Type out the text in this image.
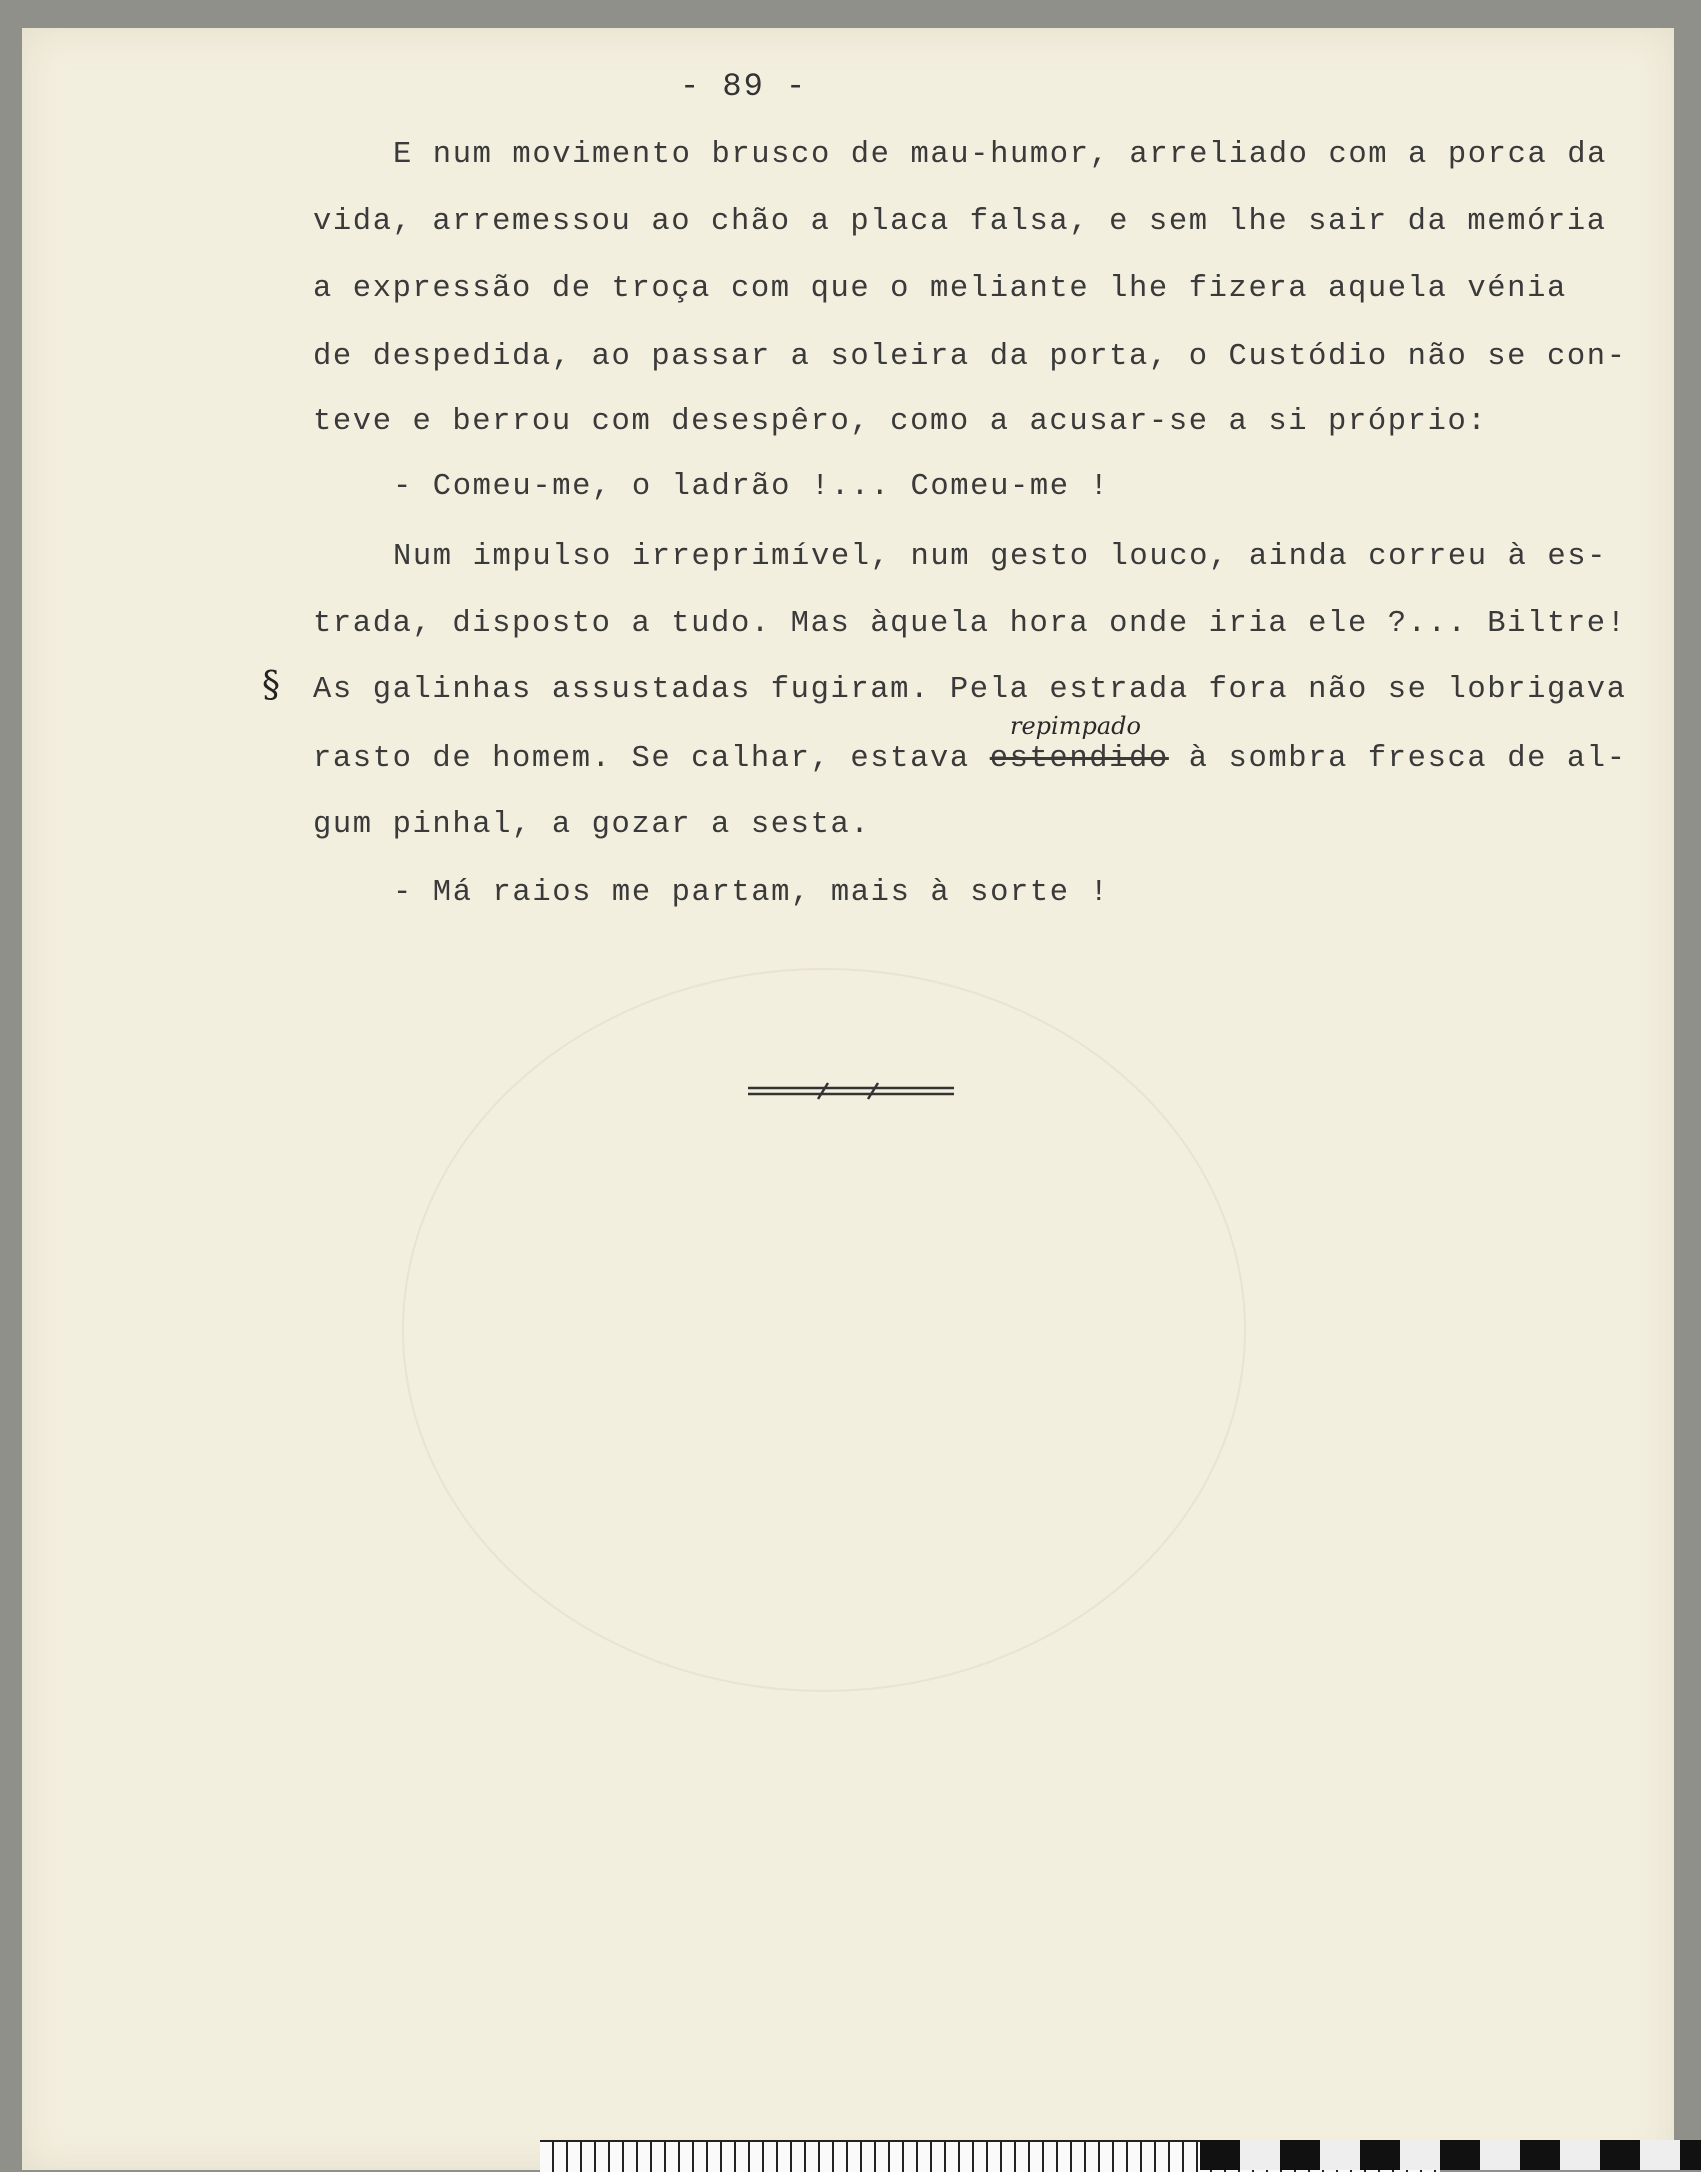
- 89 -
E num movimento brusco de mau-humor, arreliado com a porca da
vida, arremessou ao chão a placa falsa, e sem lhe sair da memória
a expressão de troça com que o meliante lhe fizera aquela vénia
de despedida, ao passar a soleira da porta, o Custódio não se con-
teve e berrou com desespêro, como a acusar-se a si próprio:
- Comeu-me, o ladrão !... Comeu-me !
Num impulso irreprimível, num gesto louco, ainda correu à es-
trada, disposto a tudo. Mas àquela hora onde iria ele ?... Biltre!
§ As galinhas assustadas fugiram. Pela estrada fora não se lobrigava
repimpado
rasto de homem. Se calhar, estava estendido à sombra fresca de al-
gum pinhal, a gozar a sesta.
- Má raios me partam, mais à sorte !
